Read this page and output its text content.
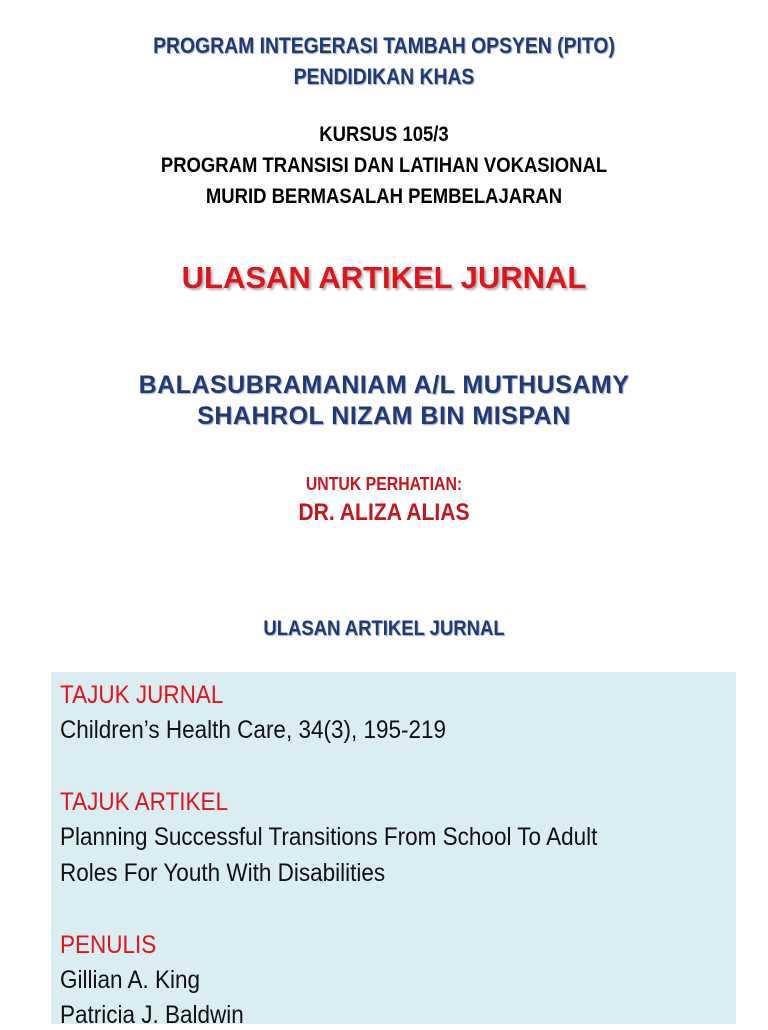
PROGRAM INTEGERASI TAMBAH OPSYEN (PITO)
PENDIDIKAN KHAS
KURSUS 105/3
PROGRAM TRANSISI DAN LATIHAN VOKASIONAL
MURID BERMASALAH PEMBELAJARAN
ULASAN ARTIKEL JURNAL
BALASUBRAMANIAM A/L MUTHUSAMY
SHAHROL NIZAM BIN MISPAN
UNTUK PERHATIAN:
DR. ALIZA ALIAS
ULASAN ARTIKEL JURNAL
TAJUK JURNAL
Children’s Health Care, 34(3), 195-219
TAJUK ARTIKEL
Planning Successful Transitions From School To Adult
Roles For Youth With Disabilities
PENULIS
Gillian A. King
Patricia J. Baldwin
